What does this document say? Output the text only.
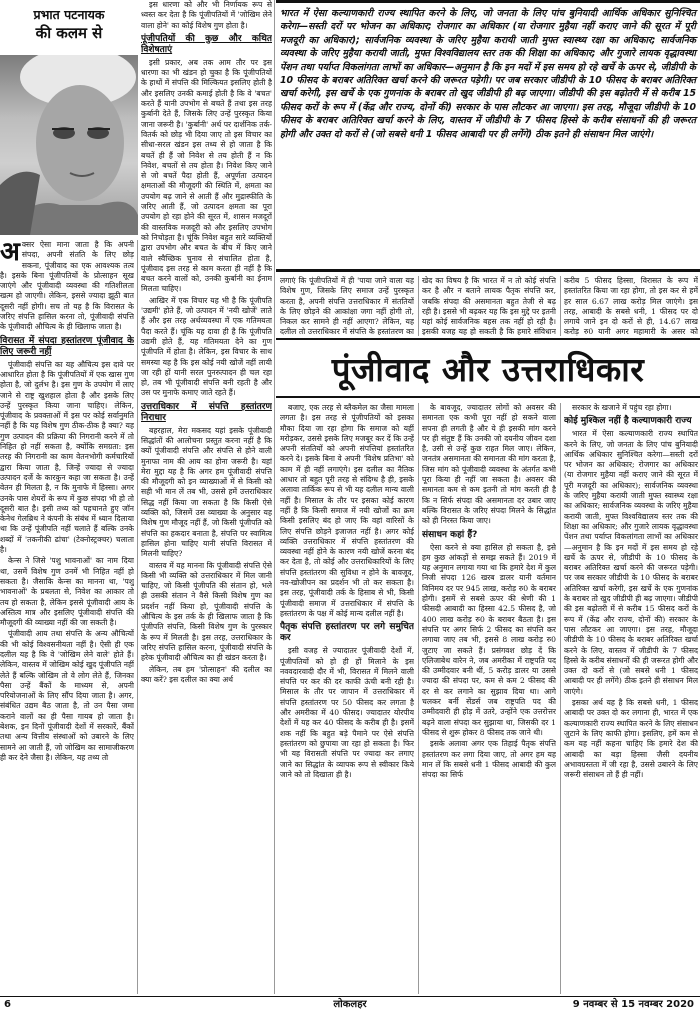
प्रभात पटनायक
की कलम से

अक्सर ऐसा माना जाता है कि अपनी संपदा, अपनी संतति के लिए छोड़ सकना, पूंजीवाद का एक आवश्यक तत्व है। इसके बिना पूंजीपतियों के प्रोत्साहन सूख जाएंगे और पूंजीवादी व्यवस्था की गतिशीलता खत्म हो जाएगी। लेकिन, इससे ज्यादा झूठी बात दूसरी नहीं होगी। सच तो यह है कि विरासत के जरिए संपत्ति हासिल करना तो, पूंजीवादी संपत्ति के पूंजीवादी औचित्य के ही खिलाफ जाता है।

विरासत में संपदा हस्तांतरण पूंजीवाद के लिए जरूरी नहीं

पूंजीवादी संपत्ति का यह औचित्य इस दावे पर आधारित होता है कि पूंजीपतियों में एक खास गुण होता है, जो दुर्लभ है। इस गुण के उपयोग में लाए जाने से राष्ट्र खुशहाल होता है और इसके लिए उन्हें पुरस्कृत किया जाना चाहिए। लेकिन, पूंजीवाद के प्रवक्ताओं में इस पर कोई सर्वानुमति नहीं है कि यह विशेष गुण ठीक-ठीक है क्या? यह गुण उत्पादन की प्रक्रिया की निगरानी करने में तो निहित हो नहीं सकता है, क्योंकि समग्रता: इस तरह की निगरानी का काम वेतनभोगी कर्मचारियों द्वारा किया जाता है, जिन्हें ज्यादा से ज्यादा उत्पादन दर्जे के कारकुन कहा जा सकता है। उन्हें वेतन ही मिलता है, न कि मुनाफे में हिस्सा। अगर उनके पास शेयरों के रूप में कुछ संपदा भी हो तो दूसरी बात है। इसी तथ्य को पहचानते हुए जॉन केनेथ गेलब्रिथ ने कंपनी के संबंध में ध्यान दिलाया था कि उन्हें पूंजीपति नहीं चलाते हैं बल्कि उनके शब्दों में 'तकनीकी ढांचा' (टेक्नोस्ट्रक्चर) चलाता है।

केन्स ने जिसे 'पशु भावनाओं' का नाम दिया था, उसमें विशेष गुण उनमें भी निहित नहीं हो सकता है। जैसाकि केन्स का मानना था, 'पशु भावनाओं' के प्रबलता से, निवेश का आकार तो तय हो सकता है, लेकिन इससे पूंजीवादी आय के अस्तित्व मात्र और इसलिए पूंजीवादी संपत्ति की मौजूदगी की व्याख्या नहीं की जा सकती है।

पूंजीवादी आय तथा संपत्ति के अन्य औचित्यों की भी कोई विश्वसनीयता नहीं है। ऐसी ही एक दलील यह है कि वे 'जोखिम लेने वाले' होते हैं। लेकिन, वास्तव में जोखिम कोई खुद पूंजीपति नहीं लेते हैं बल्कि जोखिम तो वे लोग लेते हैं, जिनका पैसा उन्हें बैंकों के माध्यम से, अपनी परियोजनाओं के लिए सौंप दिया जाता है। अगर, संबंधित उद्यम बैठ जाता है, तो उन पैसा जमा कराने वालों का ही पैसा गायब हो जाता है। बेशक, इन दिनों पूंजीवादी देशों में सरकारें, बैंकों तथा अन्य वित्तीय संस्थाओं को उबारने के लिए सामने आ जाती हैं, जो जोखिम का सामाजीकरण ही कर देने जैसा है। लेकिन, यह तथ्य तो

इस धारणा को और भी निर्णायक रूप से ध्वस्त कर देता है कि पूंजीपतियों में 'जोखिम लेने वाला होने' का कोई विशेष गुण होता है।

पूंजीपतियों की कुछ और कथित विशेषताएं

इसी प्रकार, अब तक आम तौर पर इस धारणा का भी खंडन हो चुका है कि पूंजीपतियों के हाथों में संपत्ति की मिल्कियत इसलिए होती है और इसलिए उनकी कमाई होती है कि वे 'बचत' करते हैं यानी उपभोग से बचते हैं तथा इस तरह कुर्बानी देते हैं, जिसके लिए उन्हें पुरस्कृत किया जाना जरूरी है। 'कुर्बानी' अर्थ पर दार्शनिक तर्क-वितर्क को छोड़ भी दिया जाए तो इस विचार का सीधा-सरल खंडन इस तथ्य से हो जाता है कि बचतें ही हैं जो निवेश से तय होती हैं न कि निवेश, बचतों से तय होता है। निवेश किए जाने से जो बचतें पैदा होती हैं, अपूर्णता उत्पादन क्षमताओं की मौजूदगी की स्थिति में, क्षमता का उपयोग बढ़ जाने से आती हैं और मुद्रास्फीति के जरिए आती हैं, जो उत्पादन क्षमता का पूरा उपयोग हो रहा होने की सूरत में, शासन मजदूरों की वास्तविक मजदूरी को और इसलिए उपभोग को निचोड़ता है। चूंकि निवेश बहुत सारे व्यक्तियों द्वारा उपभोग और बचत के बीच में किए जाने वाले स्वैच्छिक चुनाव से संचालित होता है, पूंजीवाद इस तरह से काम करता ही नहीं है कि बचत करने वालों को, उनकी कुर्बानी का ईनाम मिलता चाहिए।

आखिर में एक विचार यह भी है कि पूंजीपति 'उद्यमी' होते हैं, जो उत्पादन में 'नयी खोजें' लाते हैं और इस तरह अर्थव्यवस्था में एक गतिमयता पैदा करते हैं। चूंकि यह दावा ही है कि पूंजीपति उद्यमी होते हैं, यह गतिमयता देने का गुण पूंजीपति में होता है। लेकिन, इस विचार के साथ समस्या यह है कि इस कोई नयी खोजें नहीं लायी जा रही हों यानी सरल पुनरुत्पादन ही चल रहा हो, तब भी पूंजीवादी संपत्ति बनी रहती है और उस पर मुनाफे कमाए जाते रहते हैं।

उत्तराधिकार में संपत्ति हस्तांतरण निराधार

बहरहाल, मेरा मकसद यहां इसके पूंजीवादी सिद्धांतों की आलोचना प्रस्तुत करना नहीं है कि क्यों पूंजीवादी संपत्ति और संपत्ति से होने वाली मुनाफा नाम की आय का होना जरूरी है। यहां मेरा मुद्दा यह है कि अगर हम पूंजीवादी संपत्ति की मौजूदगी को इन व्याख्याओं में से किसी को सही भी मान लें तब भी, उससे हमें उत्तराधिकार सिद्ध नहीं किया जा सकता है कि किसी ऐसे व्यक्ति को, जिसमें उस व्याख्या के अनुसार यह विशेष गुण मौजूद नहीं हैं, जो किसी पूंजीपति को संपत्ति का हकदार बनाता है, संपत्ति पर स्वामित्व हासिल होना चाहिए यानी संपत्ति विरासत में मिलनी चाहिए?

वास्तव में यह मानना कि पूंजीवादी संपत्ति ऐसे किसी भी व्यक्ति को उत्तराधिकार में मिल जानी चाहिए, जो किसी पूंजीपति की संतान हो, भले ही उसकी संतान ने वैसे किसी विशेष गुण का प्रदर्शन नहीं किया हो, पूंजीवादी संपत्ति के औचित्य के इस तर्क के ही खिलाफ जाता है कि पूंजीपति संपत्ति, किसी विशेष गुण के पुरस्कार के रूप में मिलती है। इस तरह, उत्तराधिकार के जरिए संपत्ति हासिल करना, पूंजीवादी संपत्ति के हरेक पूंजीवादी औचित्य का ही खंडन करता है।

लेकिन, तब हम 'प्रोत्साहन' की दलील का क्या करें? इस दलील का क्या अर्थ

भारत में ऐसा कल्याणकारी राज्य स्थापित करने के लिए, जो जनता के लिए पांच बुनियादी आर्थिक अधिकार सुनिश्चित करेगा—सस्ती दरों पर भोजन का अधिकार; रोजगार का अधिकार (या रोजगार मुहैया नहीं कराए जाने की सूरत में पूरी मजदूरी का अधिकार); सार्वजनिक व्यवस्था के जरिए मुहैया करायी जाती मुफ्त स्वास्थ्य रक्षा का अधिकार; सार्वजनिक व्यवस्था के जरिए मुहैया करायी जाती, मुफ्त विश्वविद्यालय स्तर तक की शिक्षा का अधिकार; और गुजारे लायक वृद्धावस्था पेंशन तथा पर्याप्त विकलांगता लाभों का अधिकार—अनुमान है कि इन मदों में इस समय हो रहे खर्चे के ऊपर से, जीडीपी के 10 फीसद के बराबर अतिरिक्त खर्चा करने की जरूरत पड़ेगी। पर जब सरकार जीडीपी के 10 फीसद के बराबर अतिरिक्त खर्चा करेगी, इस खर्चे के एक गुणनांक के बराबर तो खुद जीडीपी ही बढ़ जाएगा। जीडीपी की इस बढ़ोतरी में से करीब 15 फीसद करों के रूप में (केंद्र और राज्य, दोनों की) सरकार के पास लौटकर आ जाएगा। इस तरह, मौजूदा जीडीपी के 10 फीसद के बराबर अतिरिक्त खर्चा करने के लिए, वास्तव में जीडीपी के 7 फीसद हिस्से के करीब संसाधनों की ही जरूरत होगी और उक्त दो करों से (जो सबसे धनी 1 फीसद आबादी पर ही लगेंगे) ठीक इतने ही संसाधन मिल जाएंगे।
लगाएं कि पूंजीपतियों में ही 'पाया जाने वाला यह विशेष गुण, जिसके लिए समाज उन्हें पुरस्कृत करता है, अपनी संपत्ति उत्तराधिकार में संततियों के लिए छोड़ने की आकांक्षा जगा नहीं होगी तो, निकल कर सामने ही नहीं आएगा? लेकिन, यह दलील तो उत्तराधिकार में संपत्ति के हस्तांतरण का
खेद का विषय है कि भारत में न तो कोई संपत्ति कर है और न बताने लायक पैतृक संपत्ति कर, जबकि संपदा की असमानता बहुत तेजी से बढ़ रही है। इससे भी बढ़कर यह कि इस मुद्दे पर इतनी यहां कोई सार्वजनिक बहस तक नहीं हो रही है। इसकी वजह यह हो सकती है कि हमारे संविधान
करीब 5 फीसद हिस्सा, विरासत के रूप में हस्तांतरित किया जा रहा होगा, तो इस कर से हमें हर साल 6.67 लाख करोड़ मिल जाएंगे। इस तरह, आबादी के सबसे धनी, 1 फीसद पर दो लगाये जाने इन दो करों से ही, 14.67 लाख करोड़ रु0 यानी अगर महामारी के असर को
पूंजीवाद और उत्तराधिकार

बजाए, एक तरह से ब्लैकमेल का जैसा मामला लगता है। इस तरह से पूंजीपतियों को इसका मौका दिया जा रहा होगा कि समाज को यहीं मरोड़कर, उससे इसके लिए मजबूर कर दें कि उन्हें अपनी संततियों को अपनी संपत्तियां हस्तांतरित करने दे। इसके बिना वे अपनी 'विशेष प्रतिभा' को काम में ही नहीं लगाएंगे। इस दलील का नैतिक आधार तो बहुत पूरी तरह से संदिग्ध है ही, इसके अलावा तार्किक रूप से भी यह दलील मान्य वाली नहीं है। मिसाल के तौर पर इसका कोई कारण नहीं है कि किसी समाज में नयी खोजों का क्रम किसी इसलिए बंद हो जाए कि वहां वारिसों के लिए संपत्ति छोड़ने इजाजत नहीं है। अगर कोई व्यक्ति उत्तराधिकार में संपत्ति हस्तांतरण की व्यवस्था नहीं होने के कारण नयी खोजें करना बंद कर देता है, तो कोई और उत्तराधिकारियों के लिए संपत्ति हस्तांतरण की सुविधा न होने के बावजूद, नव-खोजीपन का प्रदर्शन भी तो कर सकता है। इस तरह, पूंजीवादी तर्क के हिसाब से भी, किसी पूंजीवादी समाज में उत्तराधिकार में संपत्ति के हस्तांतरण के पक्ष में कोई मान्य दलील नहीं है।

पैतृक संपत्ति हस्तांतरण पर लगे समुचित कर

इसी वजह से ज्यादातर पूंजीवादी देशों में, पूंजीपतियों को हो ही हों मिलाने के इस नववदारवादी दौर में भी, विरासत में मिलने वाली संपत्ति पर कर की दर काफी ऊंची बनी रही है। मिसाल के तौर पर जापान में उत्तराधिकार में संपत्ति हस्तांतरण पर 50 फीसद कर लगता है और अमरीका में 40 फीसद। ज्यादातर योरपीय देशों में यह कर 40 फीसद के करीब ही है। इसमें शक नहीं कि बहुत बड़े पैमाने पर ऐसे संपत्ति हस्तांतरण को छुपाया जा रहा हो सकता है। फिर भी यह विरासती संपत्ति पर ज्यादा कर लगाए जाने का सिद्धांत के व्यापक रूप से स्वीकार किये जाने को तो दिखाता ही है।

के बावजूद, ज्यादातर लोगों को अवसर की समानता एक कभी पूरा नहीं हो सकने वाला सपना ही लगती है और ये ही इसकी मांग करने पर ही संतुष्ट हैं कि उनकी जो दयनीय जीवन दशा है, उसी से उन्हें कुछ राहत मिल जाए। लेकिन, जनतंत्र असमानता की समानता की मांग करता है, जिस मांग को पूंजीवादी व्यवस्था के अंतर्गत कभी पूरा किया ही नहीं जा सकता है। अवसर की समानता कम से कम इतनी तो मांग करती ही है कि न सिर्फ संपदा की असमानता दर उबार जाए बल्कि विरासत के जरिए संपदा मिलने के सिद्धांत को ही निरस्त किया जाए।

संसाधन कहां हैं?

ऐसा करने से क्या हासिल हो सकता है, इसे हम कुछ आंकड़ों से समझ सकते हैं। 2019 में यह अनुमान लगाया गया था कि हमारे देश में कुल निजी संपदा 126 खरब डालर यानी वर्तमान विनिमय दर पर 945 लाख, करोड़ रु0 के बराबर होगी। इसमें से सबसे ऊपर की श्रेणी की 1 फीसदी आबादी का हिस्सा 42.5 फीसद है, जो 400 लाख करोड़ रु0 के बराबर बैठता है। इस संपत्ति पर अगर सिर्फ 2 फीसद का संपत्ति कर लगाया जाए तब भी, इससे 8 लाख करोड़ रु0 जुटाए जा सकते हैं। प्रसंगवश छोड़ दें कि एलिजाबेथ वारेन ने, जब अमरीका में राष्ट्रपति पद की उम्मीदवार बनी थीं, 5 करोड़ डालर या उससे ज्यादा की संपदा पर, कम से कम 2 फीसद की दर से कर लगाने का सुझाव दिया था। आगे चलकर बर्नी सेंडर्स जब राष्ट्रपति पद की उम्मीदवारी ही होड़ में उतरे, उन्होंने एक उत्तरोत्तर बढ़ने वाला संपदा कर सुझाया था, जिसकी दर 1 फीसद से शुरू होकर 8 फीसद तक जाने थी।

इसके अलावा अगर एक तिहाई पैतृक संपत्ति हस्तांतरण कर लगा दिया जाए, तो अगर हम यह मान लें कि सबसे धनी 1 फीसद आबादी की कुल संपदा का सिर्फ

सरकार के खजाने में पहुंच रहा होगा।

कोई मुश्किल नहीं है कल्याणकारी राज्य

भारत में ऐसा कल्याणकारी राज्य स्थापित करने के लिए, जो जनता के लिए पांच बुनियादी आर्थिक अधिकार सुनिश्चित करेगा—सस्ती दरों पर भोजन का अधिकार; रोजगार का अधिकार (या रोजगार मुहैया नहीं कराए जाने की सूरत में पूरी मजदूरी का अधिकार); सार्वजनिक व्यवस्था के जरिए मुहैया करायी जाती मुफ्त स्वास्थ्य रक्षा का अधिकार; सार्वजनिक व्यवस्था के जरिए मुहैया करायी जाती, मुफ्त विश्वविद्यालय स्तर तक की शिक्षा का अधिकार; और गुजारे लायक वृद्धावस्था पेंशन तथा पर्याप्त विकलांगता लाभों का अधिकार—अनुमान है कि इन मदों में इस समय हो रहे खर्चे के ऊपर से, जीडीपी के 10 फीसद के बराबर अतिरिक्त खर्चा करने की जरूरत पड़ेगी। पर जब सरकार जीडीपी के 10 फीसद के बराबर अतिरिक्त खर्चा करेगी, इस खर्चे के एक गुणनांक के बराबर तो खुद जीडीपी ही बढ़ जाएगा। जीडीपी की इस बढ़ोतरी में से करीब 15 फीसद करों के रूप में (केंद्र और राज्य, दोनों की) सरकार के पास लौटकर आ जाएगा। इस तरह, मौजूदा जीडीपी के 10 फीसद के बराबर अतिरिक्त खर्चा करने के लिए, वास्तव में जीडीपी के 7 फीसद हिस्से के करीब संसाधनों की ही जरूरत होगी और उक्त दो करों से (जो सबसे धनी 1 फीसद आबादी पर ही लगेंगे) ठीक इतने ही संसाधन मिल जाएंगे।

इसका अर्थ यह है कि सबसे धनी, 1 फीसद आबादी पर उक्त दो कर लगाना ही, भारत में एक कल्याणकारी राज्य स्थापित करने के लिए संसाधन जुटाने के लिए काफी होगा। इसलिए, हमें कम से कम यह नहीं कहना चाहिए कि हमारे देश की आबादी का बड़ा हिस्सा जैसी दयनीय अभावग्रस्तता में जी रहा है, उससे उबारने के लिए जरूरी संसाधन तो हैं ही नहीं।

लोकलहर
6	9 नवम्बर से 15 नवम्बर 2020
